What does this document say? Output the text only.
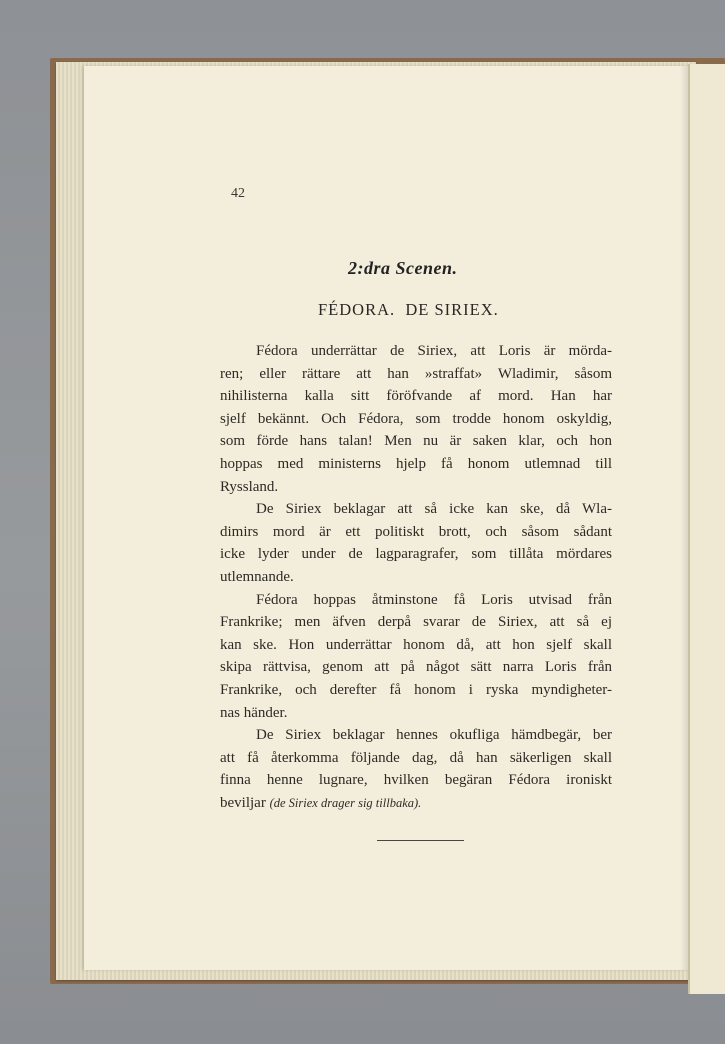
42
2:dra Scenen.
FÉDORA.  DE SIRIEX.
Fédora underrättar de Siriex, att Loris är mörda-
ren; eller rättare att han »straffat» Wladimir, såsom
nihilisterna kalla sitt föröfvande af mord. Han har
sjelf bekännt. Och Fédora, som trodde honom oskyldig,
som förde hans talan! Men nu är saken klar, och hon
hoppas med ministerns hjelp få honom utlemnad till
Ryssland.
De Siriex beklagar att så icke kan ske, då Wla-
dimirs mord är ett politiskt brott, och såsom sådant
icke lyder under de lagparagrafer, som tillåta mördares
utlemnande.
Fédora hoppas åtminstone få Loris utvisad från
Frankrike; men äfven derpå svarar de Siriex, att så ej
kan ske. Hon underrättar honom då, att hon sjelf skall
skipa rättvisa, genom att på något sätt narra Loris från
Frankrike, och derefter få honom i ryska myndigheter-
nas händer.
De Siriex beklagar hennes okufliga hämdbegär, ber
att få återkomma följande dag, då han säkerligen skall
finna henne lugnare, hvilken begäran Fédora ironiskt
beviljar (de Siriex drager sig tillbaka).
